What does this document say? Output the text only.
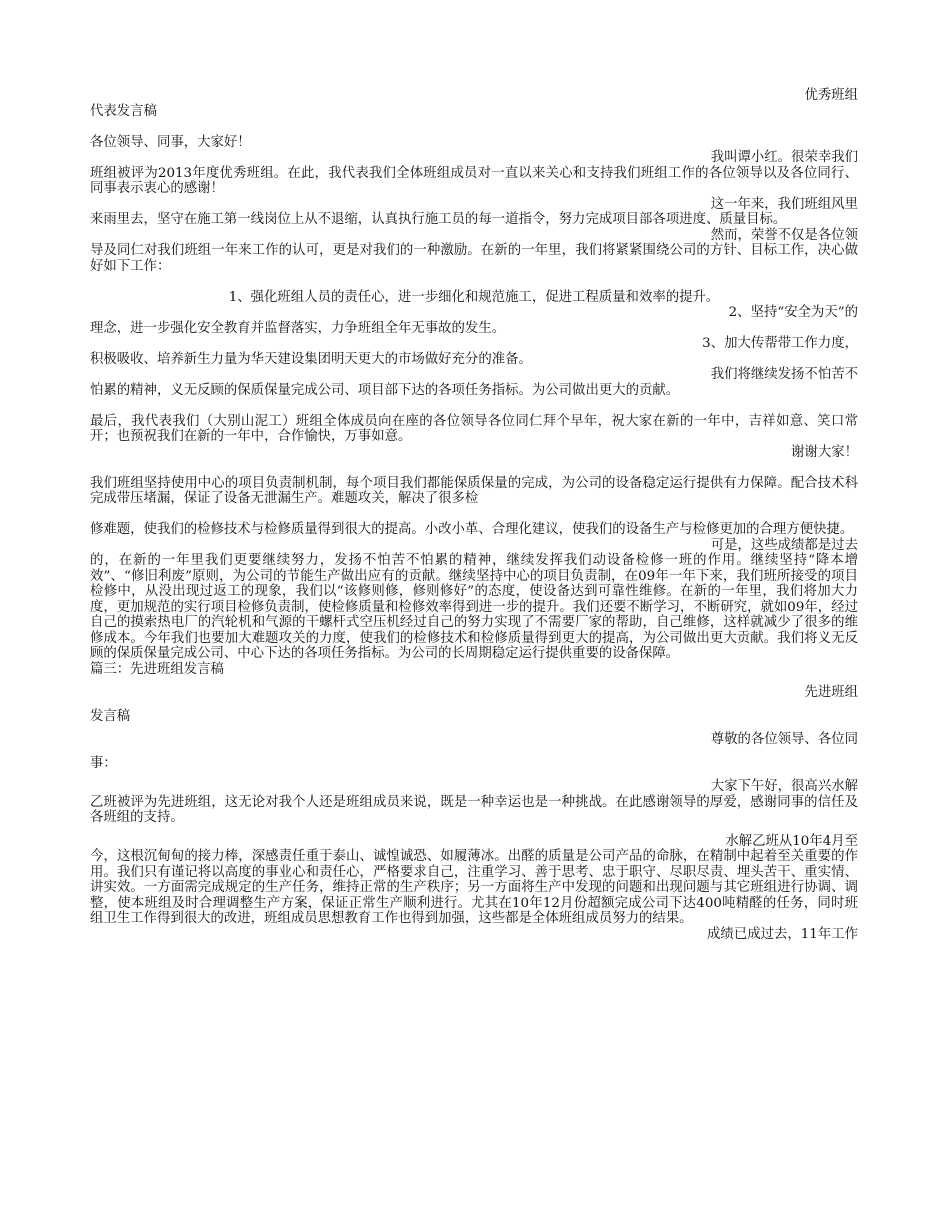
优秀班组

代表发言稿

各位领导、同事，大家好！

我叫谭小红。很荣幸我们

班组被评为2013年度优秀班组。在此，我代表我们全体班组成员对一直以来关心和支持我们班组工作的各位领导以及各位同行、同事表示衷心的感谢！

这一年来，我们班组风里

来雨里去，坚守在施工第一线岗位上从不退缩，认真执行施工员的每一道指令，努力完成项目部各项进度、质量目标。

然而，荣誉不仅是各位领

导及同仁对我们班组一年来工作的认可，更是对我们的一种激励。在新的一年里，我们将紧紧围绕公司的方针、目标工作，决心做好如下工作：

1、强化班组人员的责任心，进一步细化和规范施工，促进工程质量和效率的提升。

2、坚持“安全为天”的

理念，进一步强化安全教育并监督落实，力争班组全年无事故的发生。

3、加大传帮带工作力度，

积极吸收、培养新生力量为华天建设集团明天更大的市场做好充分的准备。

我们将继续发扬不怕苦不

怕累的精神，义无反顾的保质保量完成公司、项目部下达的各项任务指标。为公司做出更大的贡献。

最后，我代表我们（大别山泥工）班组全体成员向在座的各位领导各位同仁拜个早年，祝大家在新的一年中，吉祥如意、笑口常开；也预祝我们在新的一年中，合作愉快，万事如意。

谢谢大家！

我们班组坚持使用中心的项目负责制机制，每个项目我们都能保质保量的完成，为公司的设备稳定运行提供有力保障。配合技术科完成带压堵漏，保证了设备无泄漏生产。难题攻关，解决了很多检

修难题，使我们的检修技术与检修质量得到很大的提高。小改小革、合理化建议，使我们的设备生产与检修更加的合理方便快捷。

可是，这些成绩都是过去

的，在新的一年里我们更要继续努力，发扬不怕苦不怕累的精神，继续发挥我们动设备检修一班的作用。继续坚持“降本增效”、“修旧利废”原则，为公司的节能生产做出应有的贡献。继续坚持中心的项目负责制，在09年一年下来，我们班所接受的项目检修中，从没出现过返工的现象，我们以“该修则修，修则修好”的态度，使设备达到可靠性维修。在新的一年里，我们将加大力度，更加规范的实行项目检修负责制，使检修质量和检修效率得到进一步的提升。我们还要不断学习，不断研究，就如09年，经过自己的摸索热电厂的汽轮机和气源的干螺杆式空压机经过自己的努力实现了不需要厂家的帮助，自己维修，这样就减少了很多的维修成本。今年我们也要加大难题攻关的力度，使我们的检修技术和检修质量得到更大的提高，为公司做出更大贡献。我们将义无反顾的保质保量完成公司、中心下达的各项任务指标。为公司的长周期稳定运行提供重要的设备保障。

篇三：先进班组发言稿

先进班组

发言稿

尊敬的各位领导、各位同

事：

大家下午好，很高兴水解

乙班被评为先进班组，这无论对我个人还是班组成员来说，既是一种幸运也是一种挑战。在此感谢领导的厚爱，感谢同事的信任及各班组的支持。

水解乙班从10年4月至

今，这根沉甸甸的接力棒，深感责任重于泰山、诚惶诚恐、如履薄冰。出醛的质量是公司产品的命脉，在精制中起着至关重要的作用。我们只有谨记将以高度的事业心和责任心，严格要求自己，注重学习、善于思考、忠于职守、尽职尽责、埋头苦干、重实情、讲实效。一方面需完成规定的生产任务，维持正常的生产秩序；另一方面将生产中发现的问题和出现问题与其它班组进行协调、调整，使本班组及时合理调整生产方案，保证正常生产顺利进行。尤其在10年12月份超额完成公司下达400吨精醛的任务，同时班组卫生工作得到很大的改进，班组成员思想教育工作也得到加强，这些都是全体班组成员努力的结果。

成绩已成过去，11年工作
